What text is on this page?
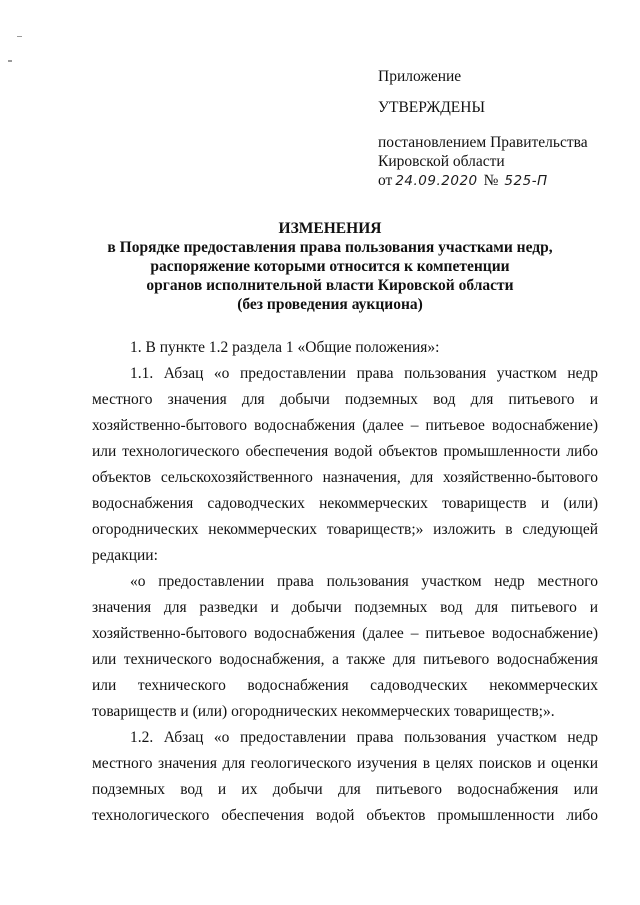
Приложение
УТВЕРЖДЕНЫ
постановлением Правительства
Кировской области
от 24.09.2020 № 525-П
ИЗМЕНЕНИЯ
в Порядке предоставления права пользования участками недр,
распоряжение которыми относится к компетенции
органов исполнительной власти Кировской области
(без проведения аукциона)

1. В пункте 1.2 раздела 1 «Общие положения»:

1.1. Абзац «о предоставлении права пользования участком недр местного значения для добычи подземных вод для питьевого и хозяйственно-бытового водоснабжения (далее – питьевое водоснабжение) или технологического обеспечения водой объектов промышленности либо объектов сельскохозяйственного назначения, для хозяйственно-бытового водоснабжения садоводческих некоммерческих товариществ и (или) огороднических некоммерческих товариществ;» изложить в следующей редакции:

«о предоставлении права пользования участком недр местного значения для разведки и добычи подземных вод для питьевого и хозяйственно-бытового водоснабжения (далее – питьевое водоснабжение) или технического водоснабжения, а также для питьевого водоснабжения или технического водоснабжения садоводческих некоммерческих товариществ и (или) огороднических некоммерческих товариществ;».

1.2. Абзац «о предоставлении права пользования участком недр местного значения для геологического изучения в целях поисков и оценки подземных вод и их добычи для питьевого водоснабжения или технологического обеспечения водой объектов промышленности либо
